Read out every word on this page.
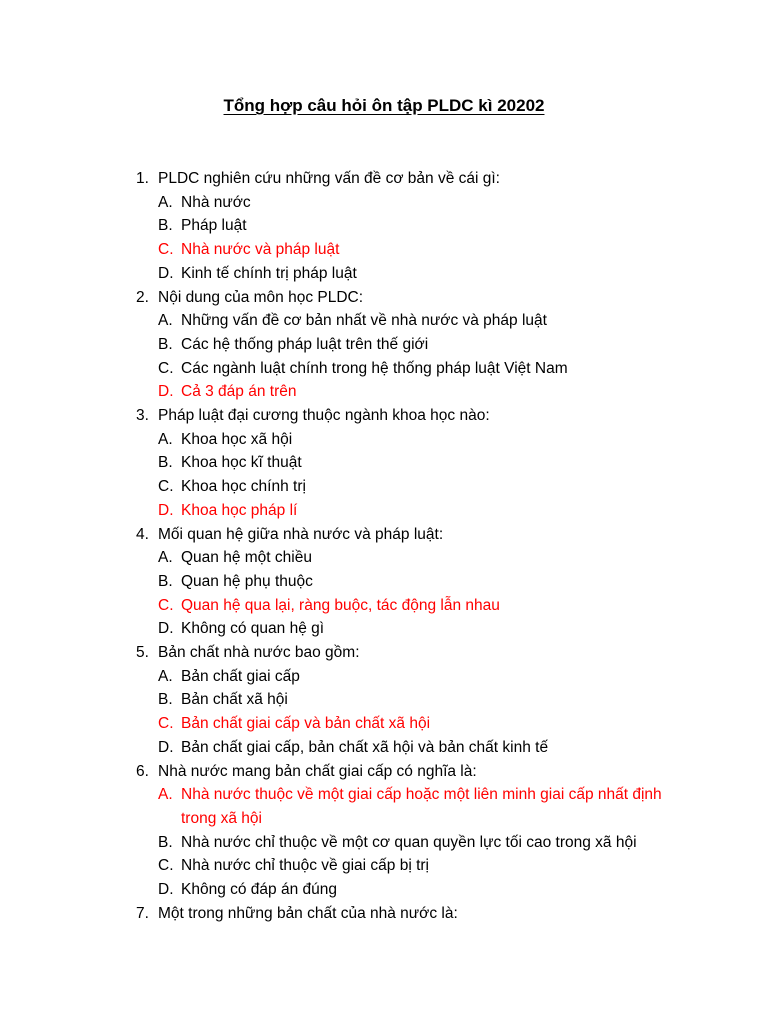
Tổng hợp câu hỏi ôn tập PLDC kì 20202
1. PLDC nghiên cứu những vấn đề cơ bản về cái gì:
A. Nhà nước
B. Pháp luật
C. Nhà nước và pháp luật
D. Kinh tế chính trị pháp luật
2. Nội dung của môn học PLDC:
A. Những vấn đề cơ bản nhất về nhà nước và pháp luật
B. Các hệ thống pháp luật trên thế giới
C. Các ngành luật chính trong hệ thống pháp luật Việt Nam
D. Cả 3 đáp án trên
3. Pháp luật đại cương thuộc ngành khoa học nào:
A. Khoa học xã hội
B. Khoa học kĩ thuật
C. Khoa học chính trị
D. Khoa học pháp lí
4. Mối quan hệ giữa nhà nước và pháp luật:
A. Quan hệ một chiều
B. Quan hệ phụ thuộc
C. Quan hệ qua lại, ràng buộc, tác động lẫn nhau
D. Không có quan hệ gì
5. Bản chất nhà nước bao gồm:
A. Bản chất giai cấp
B. Bản chất xã hội
C. Bản chất giai cấp và bản chất xã hội
D. Bản chất giai cấp, bản chất xã hội và bản chất kinh tế
6. Nhà nước mang bản chất giai cấp có nghĩa là:
A. Nhà nước thuộc về một giai cấp hoặc một liên minh giai cấp nhất định trong xã hội
B. Nhà nước chỉ thuộc về một cơ quan quyền lực tối cao trong xã hội
C. Nhà nước chỉ thuộc về giai cấp bị trị
D. Không có đáp án đúng
7. Một trong những bản chất của nhà nước là:
